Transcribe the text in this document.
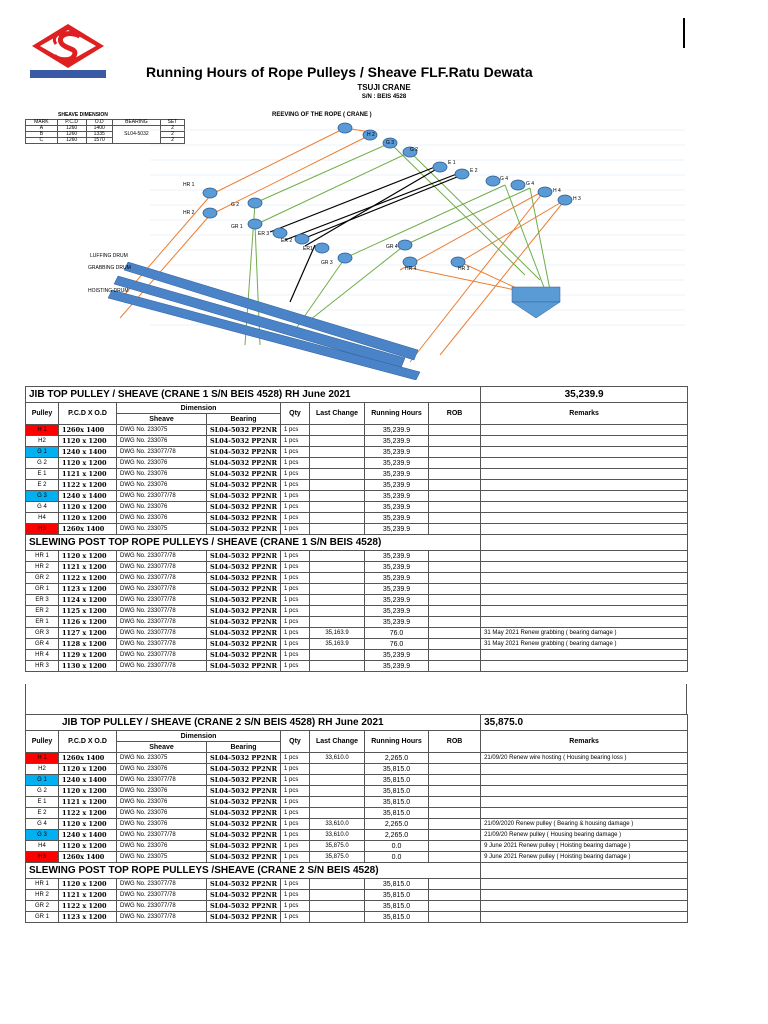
Running Hours of Rope Pulleys / Sheave FLF.Ratu Dewata
TSUJI CRANE
S/N : BEIS 4528
REEVING OF THE ROPE ( CRANE )
SHEAVE DIMENSION
MARK	P.C.D	O.D	BEARING	SET
A	1260	1400	SL04-5032	2
B	1260	1335		2
C	1260	1570		2
H 2
G 3
G 2
E 1
E 2
G 4
G 4
H 4
H 3
HR 1
HR 2
G 2
GR 1
ER 3
ER 2
ER1	GR 4
GR 3
HR 4	HR 3
LUFFING DRUM
GRABBING DRUM
HOISTING DRUM
JIB TOP PULLEY / SHEAVE (CRANE 1 S/N BEIS 4528) RH June 2021								35,239.9
Pulley	P.C.D X O.D	Dimension		Qty	Last Change	Running Hours	ROB	Remarks
		Sheave	Bearing					
H 1	1260x 1400	DWG No. 233075	SL04-5032 PP2NR	1 pcs		35,239.9		
H2	1120 x 1200	DWG No. 233076	SL04-5032 PP2NR	1 pcs		35,239.9		
G 1	1240 x 1400	DWG No. 233077/78	SL04-5032 PP2NR	1 pcs		35,239.9		
G 2	1120 x 1200	DWG No. 233076	SL04-5032 PP2NR	1 pcs		35,239.9		
E 1	1121 x 1200	DWG No. 233076	SL04-5032 PP2NR	1 pcs		35,239.9		
E 2	1122 x 1200	DWG No. 233076	SL04-5032 PP2NR	1 pcs		35,239.9		
G 3	1240 x 1400	DWG No. 233077/78	SL04-5032 PP2NR	1 pcs		35,239.9		
G 4	1120 x 1200	DWG No. 233076	SL04-5032 PP2NR	1 pcs		35,239.9		
H4	1120 x 1200	DWG No. 233076	SL04-5032 PP2NR	1 pcs		35,239.9		
H3	1260x 1400	DWG No. 233075	SL04-5032 PP2NR	1 pcs		35,239.9		
SLEWING POST TOP ROPE PULLEYS / SHEAVE (CRANE 1 S/N BEIS 4528)								
HR 1	1120 x 1200	DWG No. 233077/78	SL04-5032 PP2NR	1 pcs		35,239.9		
HR 2	1121 x 1200	DWG No. 233077/78	SL04-5032 PP2NR	1 pcs		35,239.9		
GR 2	1122 x 1200	DWG No. 233077/78	SL04-5032 PP2NR	1 pcs		35,239.9		
GR 1	1123 x 1200	DWG No. 233077/78	SL04-5032 PP2NR	1 pcs		35,239.9		
ER 3	1124 x 1200	DWG No. 233077/78	SL04-5032 PP2NR	1 pcs		35,239.9		
ER 2	1125 x 1200	DWG No. 233077/78	SL04-5032 PP2NR	1 pcs		35,239.9		
ER 1	1126 x 1200	DWG No. 233077/78	SL04-5032 PP2NR	1 pcs		35,239.9		
GR 3	1127 x 1200	DWG No. 233077/78	SL04-5032 PP2NR	1 pcs	35,163.9	76.0		31 May 2021 Renew grabbing ( bearing damage )
GR 4	1128 x 1200	DWG No. 233077/78	SL04-5032 PP2NR	1 pcs	35,163.9	76.0		31 May 2021 Renew grabbing ( bearing damage )
HR 4	1129 x 1200	DWG No. 233077/78	SL04-5032 PP2NR	1 pcs		35,239.9		
HR 3	1130 x 1200	DWG No. 233077/78	SL04-5032 PP2NR	1 pcs		35,239.9		
JIB TOP PULLEY / SHEAVE (CRANE 2 S/N BEIS 4528) RH June 2021								35,875.0
Pulley	P.C.D X O.D	Dimension		Qty	Last Change	Running Hours	ROB	Remarks
		Sheave	Bearing					
H 1	1260x 1400	DWG No. 233075	SL04-5032 PP2NR	1 pcs	33,610.0	2,265.0		21/09/20 Renew wire hosting ( Housing bearing loss )
H2	1120 x 1200	DWG No. 233076	SL04-5032 PP2NR	1 pcs		35,815.0		
G 1	1240 x 1400	DWG No. 233077/78	SL04-5032 PP2NR	1 pcs		35,815.0		
G 2	1120 x 1200	DWG No. 233076	SL04-5032 PP2NR	1 pcs		35,815.0		
E 1	1121 x 1200	DWG No. 233076	SL04-5032 PP2NR	1 pcs		35,815.0		
E 2	1122 x 1200	DWG No. 233076	SL04-5032 PP2NR	1 pcs		35,815.0		
G 4	1120 x 1200	DWG No. 233076	SL04-5032 PP2NR	1 pcs	33,610.0	2,265.0		21/09/2020 Renew pulley ( Bearing & housing damage )
G 3	1240 x 1400	DWG No. 233077/78	SL04-5032 PP2NR	1 pcs	33,610.0	2,265.0		21/09/20 Renew pulley ( Housing bearing damage )
H4	1120 x 1200	DWG No. 233076	SL04-5032 PP2NR	1 pcs	35,875.0	0.0		9 June 2021 Renew pulley ( Hoisting bearing damage )
H3	1260x 1400	DWG No. 233075	SL04-5032 PP2NR	1 pcs	35,875.0	0.0		9 June 2021 Renew pulley ( Hoisting bearing damage )
SLEWING POST TOP ROPE PULLEYS /SHEAVE (CRANE 2 S/N BEIS 4528)								
HR 1	1120 x 1200	DWG No. 233077/78	SL04-5032 PP2NR	1 pcs		35,815.0		
HR 2	1121 x 1200	DWG No. 233077/78	SL04-5032 PP2NR	1 pcs		35,815.0		
GR 2	1122 x 1200	DWG No. 233077/78	SL04-5032 PP2NR	1 pcs		35,815.0		
GR 1	1123 x 1200	DWG No. 233077/78	SL04-5032 PP2NR	1 pcs		35,815.0		
